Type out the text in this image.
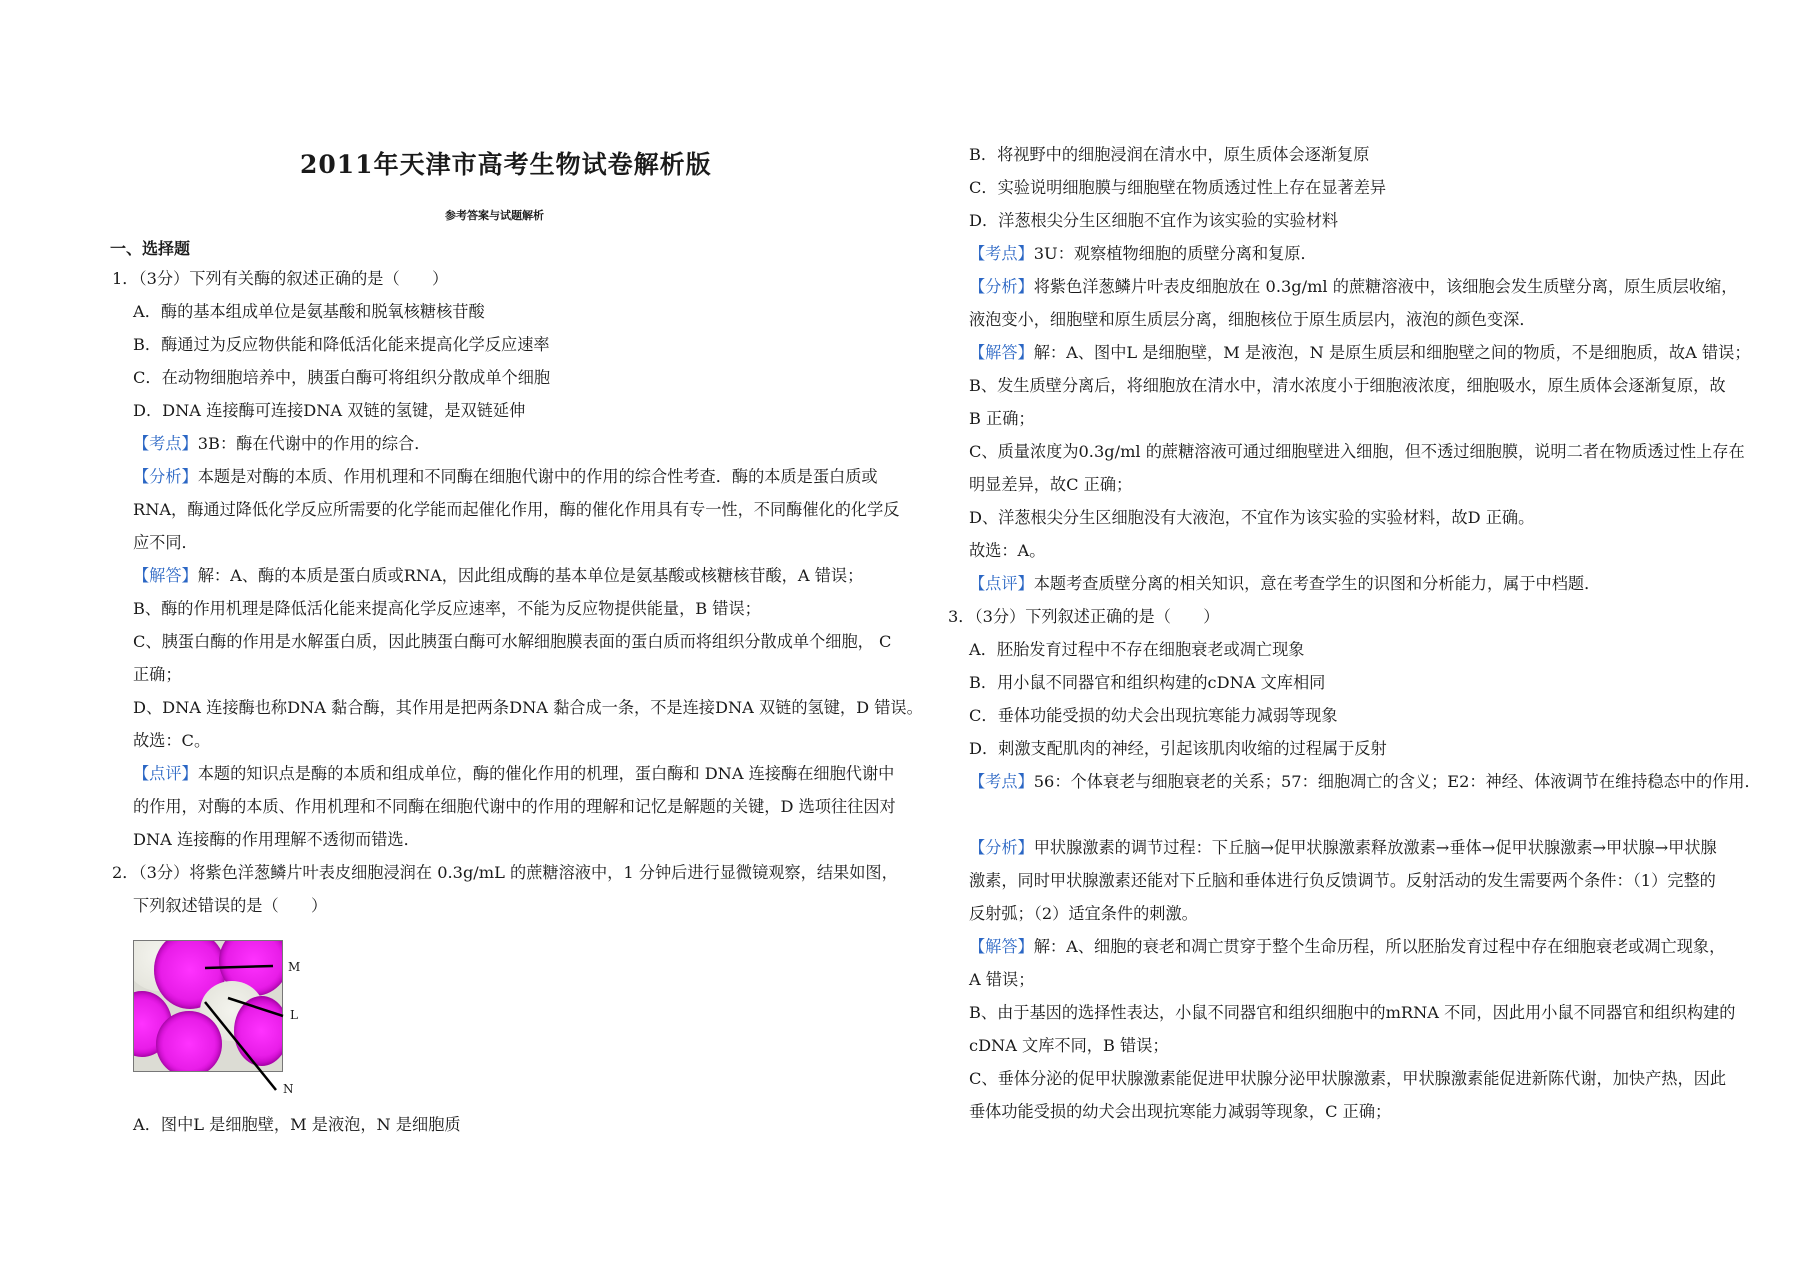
2011年天津市高考生物试卷解析版
参考答案与试题解析
一、选择题
1．（3分）下列有关酶的叙述正确的是（　　）
A．酶的基本组成单位是氨基酸和脱氧核糖核苷酸
B．酶通过为反应物供能和降低活化能来提高化学反应速率
C．在动物细胞培养中，胰蛋白酶可将组织分散成单个细胞
D．DNA 连接酶可连接DNA 双链的氢键，是双链延伸
【考点】3B：酶在代谢中的作用的综合．
【分析】本题是对酶的本质、作用机理和不同酶在细胞代谢中的作用的综合性考查．酶的本质是蛋白质或
RNA，酶通过降低化学反应所需要的化学能而起催化作用，酶的催化作用具有专一性，不同酶催化的化学反
应不同．
【解答】解：A、酶的本质是蛋白质或RNA，因此组成酶的基本单位是氨基酸或核糖核苷酸，A 错误；
B、酶的作用机理是降低活化能来提高化学反应速率，不能为反应物提供能量，B 错误；
C、胰蛋白酶的作用是水解蛋白质，因此胰蛋白酶可水解细胞膜表面的蛋白质而将组织分散成单个细胞， C
正确；
D、DNA 连接酶也称DNA 黏合酶，其作用是把两条DNA 黏合成一条，不是连接DNA 双链的氢键，D 错误。
故选：C。
【点评】本题的知识点是酶的本质和组成单位，酶的催化作用的机理，蛋白酶和 DNA 连接酶在细胞代谢中
的作用，对酶的本质、作用机理和不同酶在细胞代谢中的作用的理解和记忆是解题的关键，D 选项往往因对
DNA 连接酶的作用理解不透彻而错选．
2．（3分）将紫色洋葱鳞片叶表皮细胞浸润在 0.3g/mL 的蔗糖溶液中，1 分钟后进行显微镜观察，结果如图，
下列叙述错误的是（　　）
M
L
N
A．图中L 是细胞壁，M 是液泡，N 是细胞质
B．将视野中的细胞浸润在清水中，原生质体会逐渐复原
C．实验说明细胞膜与细胞壁在物质透过性上存在显著差异
D．洋葱根尖分生区细胞不宜作为该实验的实验材料
【考点】3U：观察植物细胞的质壁分离和复原．
【分析】将紫色洋葱鳞片叶表皮细胞放在 0.3g/ml 的蔗糖溶液中，该细胞会发生质壁分离，原生质层收缩，
液泡变小，细胞壁和原生质层分离，细胞核位于原生质层内，液泡的颜色变深．
【解答】解：A、图中L 是细胞壁，M 是液泡，N 是原生质层和细胞壁之间的物质，不是细胞质，故A 错误；
B、发生质壁分离后，将细胞放在清水中，清水浓度小于细胞液浓度，细胞吸水，原生质体会逐渐复原，故
B 正确；
C、质量浓度为0.3g/ml 的蔗糖溶液可通过细胞壁进入细胞，但不透过细胞膜，说明二者在物质透过性上存在
明显差异，故C 正确；
D、洋葱根尖分生区细胞没有大液泡，不宜作为该实验的实验材料，故D 正确。
故选：A。
【点评】本题考查质壁分离的相关知识，意在考查学生的识图和分析能力，属于中档题．
3．（3分）下列叙述正确的是（　　）
A．胚胎发育过程中不存在细胞衰老或凋亡现象
B．用小鼠不同器官和组织构建的cDNA 文库相同
C．垂体功能受损的幼犬会出现抗寒能力减弱等现象
D．刺激支配肌肉的神经，引起该肌肉收缩的过程属于反射
【考点】56：个体衰老与细胞衰老的关系；57：细胞凋亡的含义；E2：神经、体液调节在维持稳态中的作用．
【分析】甲状腺激素的调节过程：下丘脑→促甲状腺激素释放激素→垂体→促甲状腺激素→甲状腺→甲状腺
激素，同时甲状腺激素还能对下丘脑和垂体进行负反馈调节。反射活动的发生需要两个条件：（1）完整的
反射弧；（2）适宜条件的刺激。
【解答】解：A、细胞的衰老和凋亡贯穿于整个生命历程，所以胚胎发育过程中存在细胞衰老或凋亡现象，
A 错误；
B、由于基因的选择性表达，小鼠不同器官和组织细胞中的mRNA 不同，因此用小鼠不同器官和组织构建的
cDNA 文库不同，B 错误；
C、垂体分泌的促甲状腺激素能促进甲状腺分泌甲状腺激素，甲状腺激素能促进新陈代谢，加快产热，因此
垂体功能受损的幼犬会出现抗寒能力减弱等现象，C 正确；
